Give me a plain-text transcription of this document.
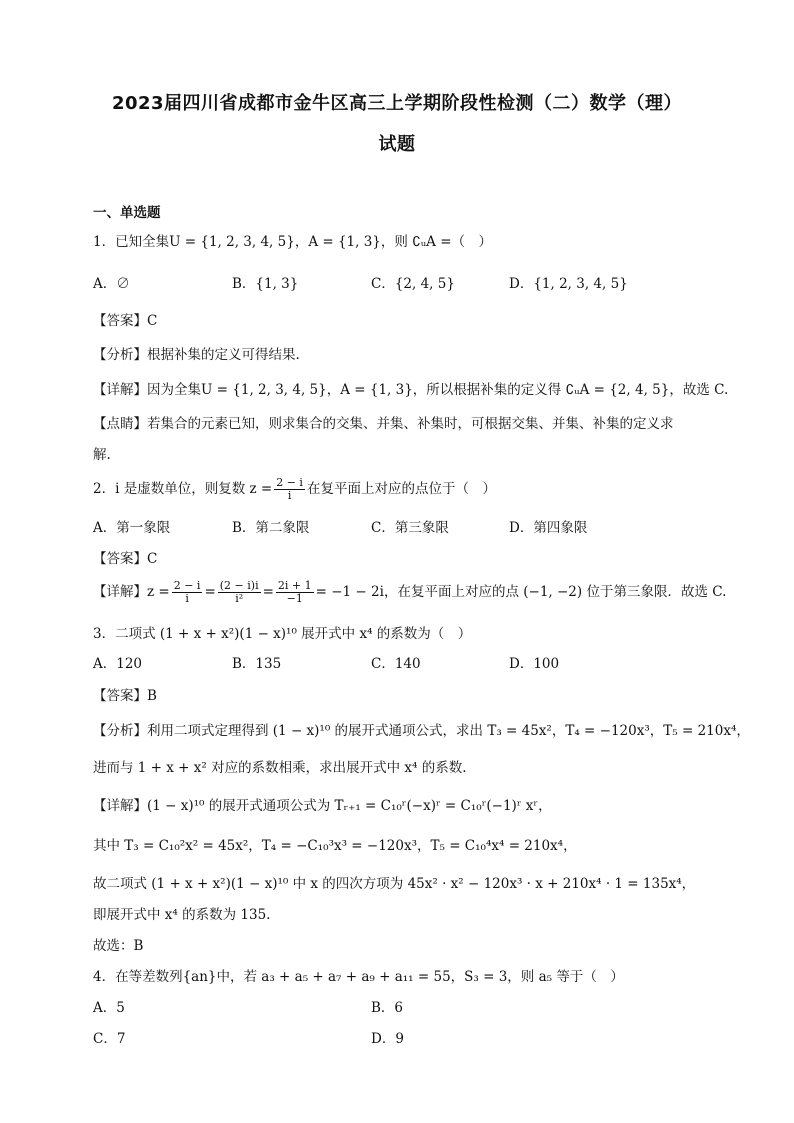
2023届四川省成都市金牛区高三上学期阶段性检测（二）数学（理）
试题
一、单选题
1．已知全集U = {1, 2, 3, 4, 5}，A = {1, 3}，则 ∁ᵤA =（　）
A．∅	B．{1, 3}	C．{2, 4, 5}	D．{1, 2, 3, 4, 5}
【答案】C
【分析】根据补集的定义可得结果.
【详解】因为全集U = {1, 2, 3, 4, 5}，A = {1, 3}，所以根据补集的定义得 ∁ᵤA = {2, 4, 5}，故选 C.
【点睛】若集合的元素已知，则求集合的交集、并集、补集时，可根据交集、并集、补集的定义求
解.
2．i 是虚数单位，则复数 $z = \frac{2 - i}{i}$ 在复平面上对应的点位于（　）
A．第一象限	B．第二象限	C．第三象限	D．第四象限
【答案】C
【详解】$z = \frac{2 - i}{i} = \frac{(2 - i)i}{\text{i²}} = \frac{2i + 1}{-1} = -1 - 2i$，在复平面上对应的点 (−1, −2) 位于第三象限．故选 C.
3．二项式 (1 + x + x²)(1 − x)¹⁰ 展开式中 x⁴ 的系数为（　）
A．120	B．135	C．140	D．100
【答案】B
【分析】利用二项式定理得到 (1 − x)¹⁰ 的展开式通项公式，求出 T₃ = 45x²，T₄ = −120x³，T₅ = 210x⁴，
进而与 1 + x + x² 对应的系数相乘，求出展开式中 x⁴ 的系数.
【详解】(1 − x)¹⁰ 的展开式通项公式为 Tᵣ₊₁ = C₁₀ʳ(−x)ʳ = C₁₀ʳ(−1)ʳ xʳ，
其中 T₃ = C₁₀²x² = 45x²，T₄ = −C₁₀³x³ = −120x³，T₅ = C₁₀⁴x⁴ = 210x⁴，
故二项式 (1 + x + x²)(1 − x)¹⁰ 中 x 的四次方项为 45x² · x² − 120x³ · x + 210x⁴ · 1 = 135x⁴，
即展开式中 x⁴ 的系数为 135.
故选：B
4．在等差数列{an}中，若 a₃ + a₅ + a₇ + a₉ + a₁₁ = 55，S₃ = 3，则 a₅ 等于（　）
A．5	B．6
C．7	D．9
